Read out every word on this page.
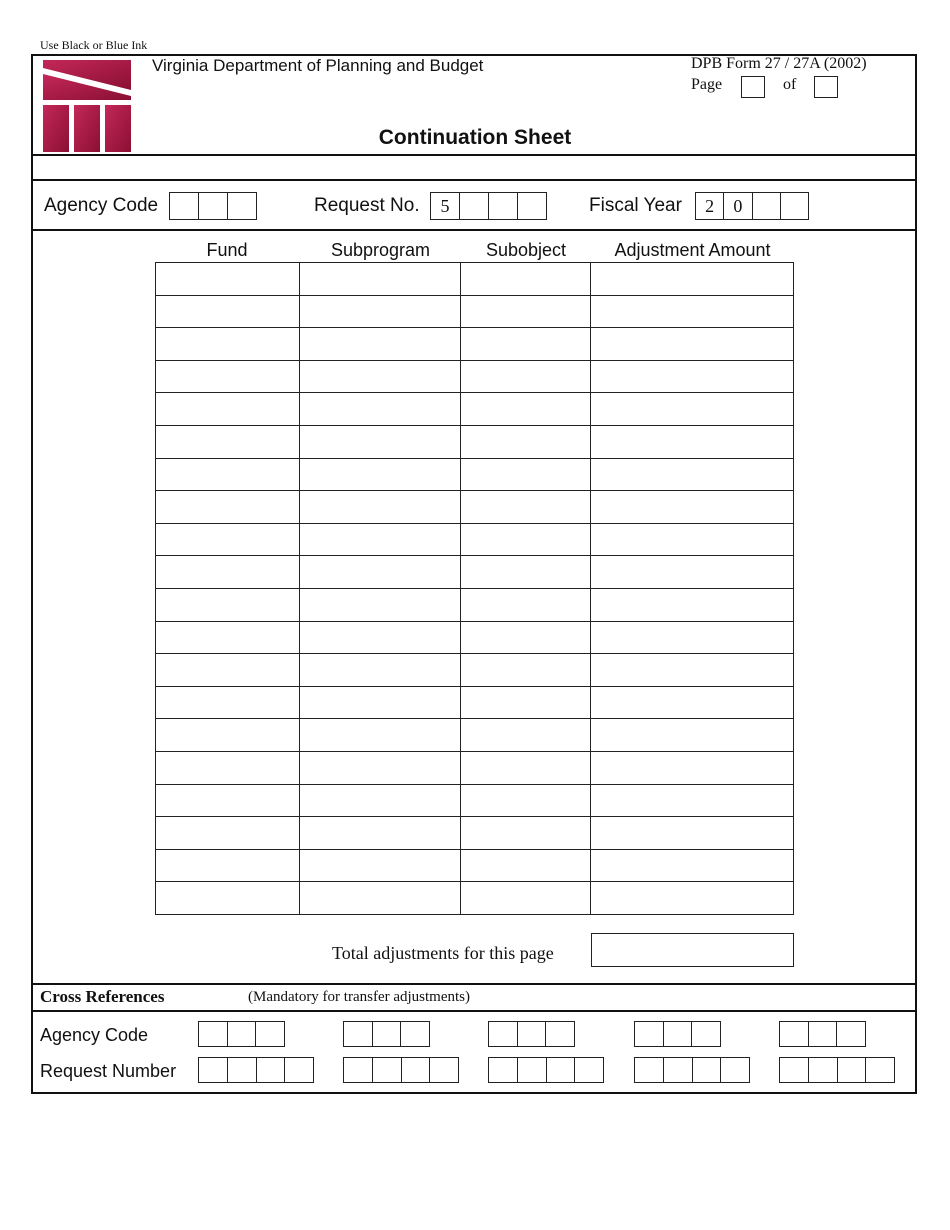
Use Black or Blue Ink
Virginia Department of Planning and Budget	DPB Form 27 / 27A (2002)
Page	of
Continuation Sheet
Agency Code	Request No.	5	Fiscal Year	2	0
Fund	Subprogram	Subobject	Adjustment Amount

Total adjustments for this page
Cross References	(Mandatory for transfer adjustments)
Agency Code
Request Number
